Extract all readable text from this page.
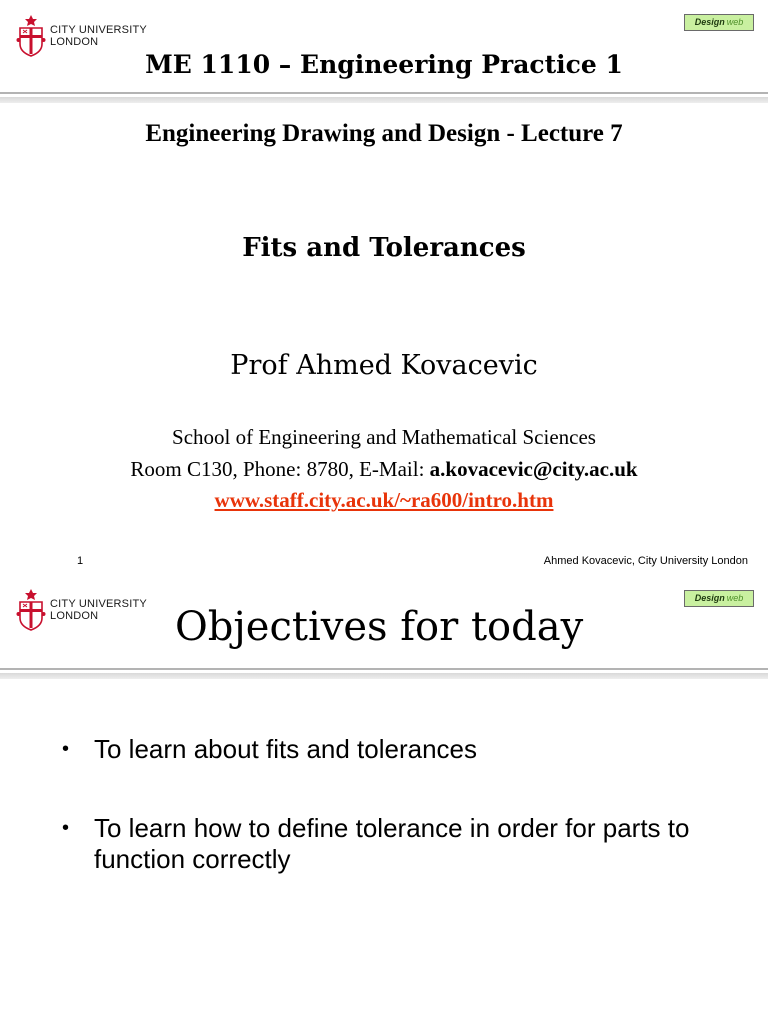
CITY UNIVERSITY
LONDON
Design web
ME 1110 – Engineering Practice 1
Engineering Drawing and Design - Lecture 7
Fits and Tolerances
Prof Ahmed Kovacevic
School of Engineering and Mathematical Sciences
Room C130, Phone: 8780, E-Mail: a.kovacevic@city.ac.uk
www.staff.city.ac.uk/~ra600/intro.htm
1	Ahmed Kovacevic, City University London
CITY UNIVERSITY
LONDON
Design web
Objectives for today
• To learn about fits and tolerances
• To learn how to define tolerance in order for parts to function correctly
